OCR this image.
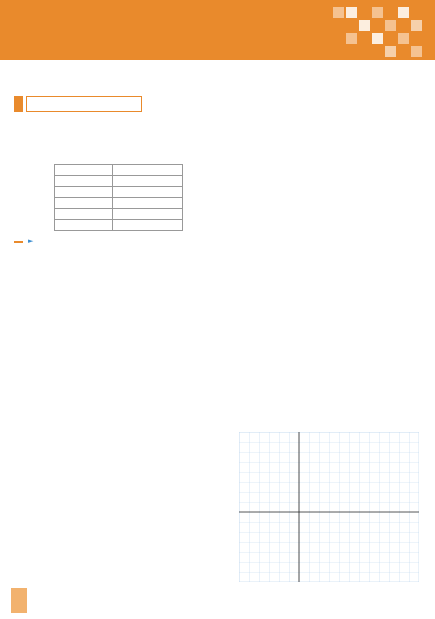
►
